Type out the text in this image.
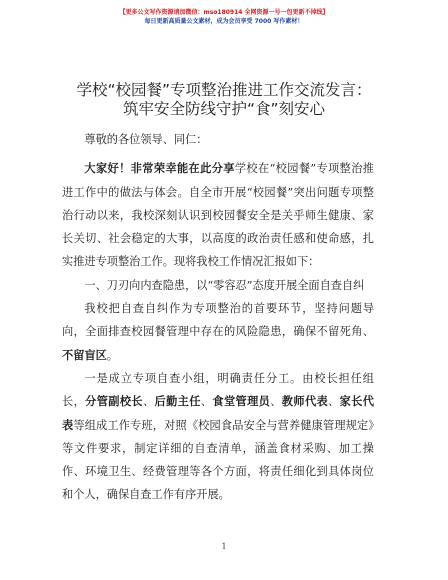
【更多公文写作资源请加微信：mso180914 全网资源一号一包更新不掉线】
每日更新高质量公文素材，成为会员享受 7000 写作素材！
学校“校园餐”专项整治推进工作交流发言：
筑牢安全防线守护“食”刻安心

尊敬的各位领导、同仁：

大家好！非常荣幸能在此分享学校在“校园餐”专项整治推进工作中的做法与体会。自全市开展“校园餐”突出问题专项整治行动以来，我校深刻认识到校园餐安全是关乎师生健康、家长关切、社会稳定的大事，以高度的政治责任感和使命感，扎实推进专项整治工作。现将我校工作情况汇报如下：

一、刀刃向内查隐患，以“零容忍”态度开展全面自查自纠

我校把自查自纠作为专项整治的首要环节，坚持问题导向，全面排查校园餐管理中存在的风险隐患，确保不留死角、不留盲区。

一是成立专项自查小组，明确责任分工。由校长担任组长，分管副校长、后勤主任、食堂管理员、教师代表、家长代表等组成工作专班，对照《校园食品安全与营养健康管理规定》等文件要求，制定详细的自查清单，涵盖食材采购、加工操作、环境卫生、经费管理等各个方面，将责任细化到具体岗位和个人，确保自查工作有序开展。

1
